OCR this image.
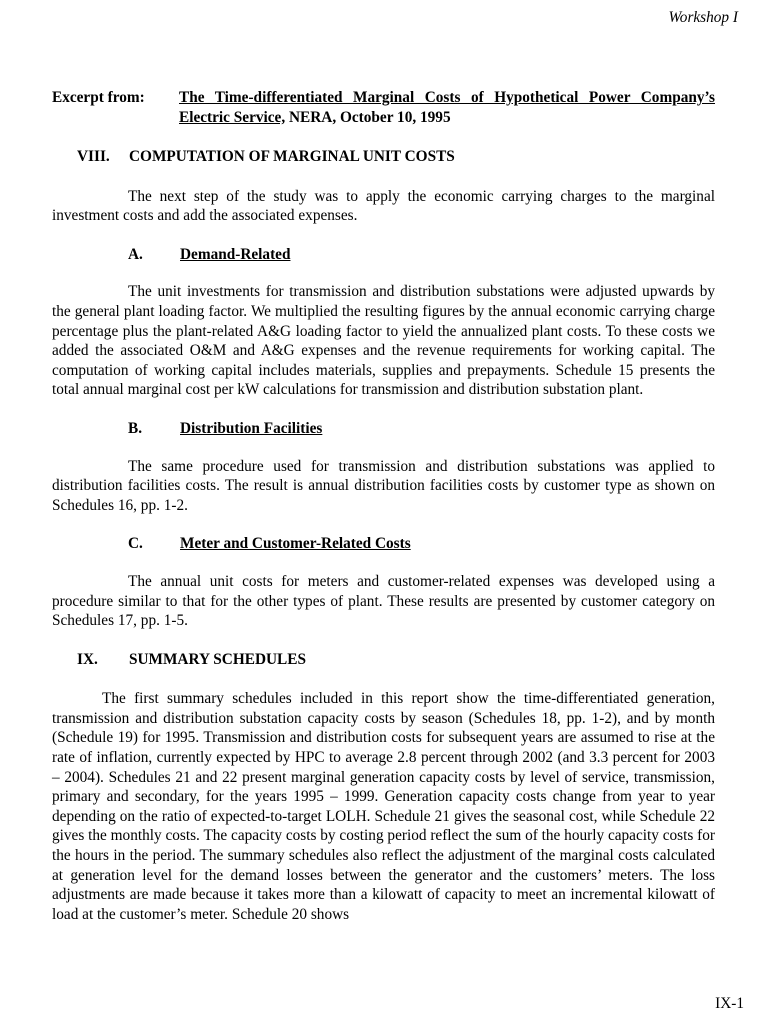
Workshop I

Excerpt from: The Time-differentiated Marginal Costs of Hypothetical Power Company’s Electric Service, NERA, October 10, 1995
VIII. COMPUTATION OF MARGINAL UNIT COSTS

The next step of the study was to apply the economic carrying charges to the marginal investment costs and add the associated expenses.

A. Demand-Related

The unit investments for transmission and distribution substations were adjusted upwards by the general plant loading factor. We multiplied the resulting figures by the annual economic carrying charge percentage plus the plant-related A&G loading factor to yield the annualized plant costs. To these costs we added the associated O&M and A&G expenses and the revenue requirements for working capital. The computation of working capital includes materials, supplies and prepayments. Schedule 15 presents the total annual marginal cost per kW calculations for transmission and distribution substation plant.

B. Distribution Facilities

The same procedure used for transmission and distribution substations was applied to distribution facilities costs. The result is annual distribution facilities costs by customer type as shown on Schedules 16, pp. 1-2.

C. Meter and Customer-Related Costs

The annual unit costs for meters and customer-related expenses was developed using a procedure similar to that for the other types of plant. These results are presented by customer category on Schedules 17, pp. 1-5.

IX. SUMMARY SCHEDULES

The first summary schedules included in this report show the time-differentiated generation, transmission and distribution substation capacity costs by season (Schedules 18, pp. 1-2), and by month (Schedule 19) for 1995. Transmission and distribution costs for subsequent years are assumed to rise at the rate of inflation, currently expected by HPC to average 2.8 percent through 2002 (and 3.3 percent for 2003 – 2004). Schedules 21 and 22 present marginal generation capacity costs by level of service, transmission, primary and secondary, for the years 1995 – 1999. Generation capacity costs change from year to year depending on the ratio of expected-to-target LOLH. Schedule 21 gives the seasonal cost, while Schedule 22 gives the monthly costs. The capacity costs by costing period reflect the sum of the hourly capacity costs for the hours in the period. The summary schedules also reflect the adjustment of the marginal costs calculated at generation level for the demand losses between the generator and the customers’ meters. The loss adjustments are made because it takes more than a kilowatt of capacity to meet an incremental kilowatt of load at the customer’s meter. Schedule 20 shows

IX-1
